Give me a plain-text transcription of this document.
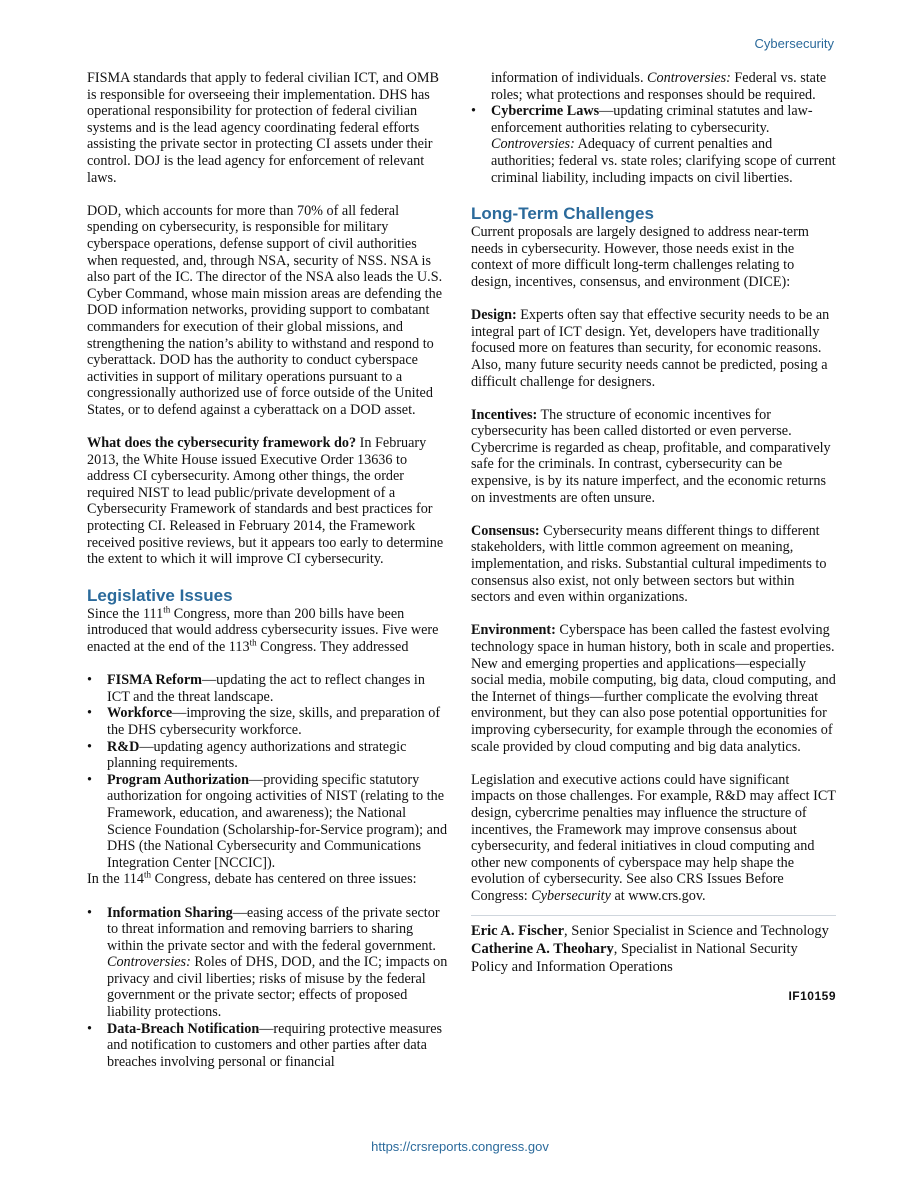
Cybersecurity

FISMA standards that apply to federal civilian ICT, and OMB is responsible for overseeing their implementation. DHS has operational responsibility for protection of federal civilian systems and is the lead agency coordinating federal efforts assisting the private sector in protecting CI assets under their control. DOJ is the lead agency for enforcement of relevant laws.

DOD, which accounts for more than 70% of all federal spending on cybersecurity, is responsible for military cyberspace operations, defense support of civil authorities when requested, and, through NSA, security of NSS. NSA is also part of the IC. The director of the NSA also leads the U.S. Cyber Command, whose main mission areas are defending the DOD information networks, providing support to combatant commanders for execution of their global missions, and strengthening the nation’s ability to withstand and respond to cyberattack. DOD has the authority to conduct cyberspace activities in support of military operations pursuant to a congressionally authorized use of force outside of the United States, or to defend against a cyberattack on a DOD asset.

What does the cybersecurity framework do? In February 2013, the White House issued Executive Order 13636 to address CI cybersecurity. Among other things, the order required NIST to lead public/private development of a Cybersecurity Framework of standards and best practices for protecting CI. Released in February 2014, the Framework received positive reviews, but it appears too early to determine the extent to which it will improve CI cybersecurity.

Legislative Issues

Since the 111th Congress, more than 200 bills have been introduced that would address cybersecurity issues. Five were enacted at the end of the 113th Congress. They addressed

• FISMA Reform—updating the act to reflect changes in ICT and the threat landscape.
• Workforce—improving the size, skills, and preparation of the DHS cybersecurity workforce.
• R&D—updating agency authorizations and strategic planning requirements.
• Program Authorization—providing specific statutory authorization for ongoing activities of NIST (relating to the Framework, education, and awareness); the National Science Foundation (Scholarship-for-Service program); and DHS (the National Cybersecurity and Communications Integration Center [NCCIC]).

In the 114th Congress, debate has centered on three issues:

• Information Sharing—easing access of the private sector to threat information and removing barriers to sharing within the private sector and with the federal government. Controversies: Roles of DHS, DOD, and the IC; impacts on privacy and civil liberties; risks of misuse by the federal government or the private sector; effects of proposed liability protections.
• Data-Breach Notification—requiring protective measures and notification to customers and other parties after data breaches involving personal or financial
information of individuals. Controversies: Federal vs. state roles; what protections and responses should be required.
• Cybercrime Laws—updating criminal statutes and law-enforcement authorities relating to cybersecurity. Controversies: Adequacy of current penalties and authorities; federal vs. state roles; clarifying scope of current criminal liability, including impacts on civil liberties.
Long-Term Challenges

Current proposals are largely designed to address near-term needs in cybersecurity. However, those needs exist in the context of more difficult long-term challenges relating to design, incentives, consensus, and environment (DICE):

Design: Experts often say that effective security needs to be an integral part of ICT design. Yet, developers have traditionally focused more on features than security, for economic reasons. Also, many future security needs cannot be predicted, posing a difficult challenge for designers.

Incentives: The structure of economic incentives for cybersecurity has been called distorted or even perverse. Cybercrime is regarded as cheap, profitable, and comparatively safe for the criminals. In contrast, cybersecurity can be expensive, is by its nature imperfect, and the economic returns on investments are often unsure.

Consensus: Cybersecurity means different things to different stakeholders, with little common agreement on meaning, implementation, and risks. Substantial cultural impediments to consensus also exist, not only between sectors but within sectors and even within organizations.

Environment: Cyberspace has been called the fastest evolving technology space in human history, both in scale and properties. New and emerging properties and applications—especially social media, mobile computing, big data, cloud computing, and the Internet of things—further complicate the evolving threat environment, but they can also pose potential opportunities for improving cybersecurity, for example through the economies of scale provided by cloud computing and big data analytics.

Legislation and executive actions could have significant impacts on those challenges. For example, R&D may affect ICT design, cybercrime penalties may influence the structure of incentives, the Framework may improve consensus about cybersecurity, and federal initiatives in cloud computing and other new components of cyberspace may help shape the evolution of cybersecurity. See also CRS Issues Before Congress: Cybersecurity at www.crs.gov.

Eric A. Fischer, Senior Specialist in Science and Technology

Catherine A. Theohary, Specialist in National Security Policy and Information Operations

IF10159
https://crsreports.congress.gov
